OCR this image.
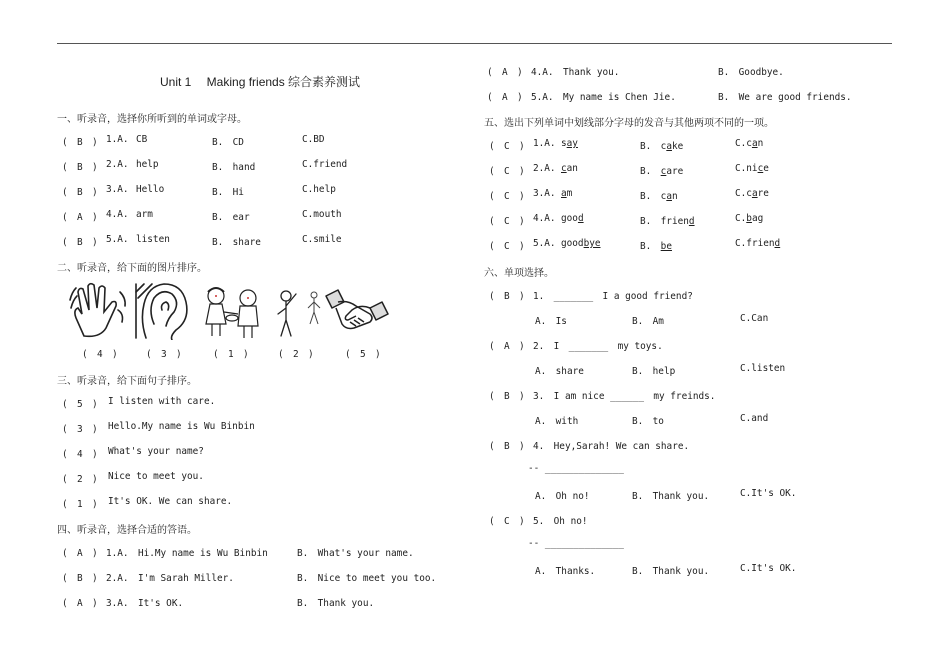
Unit 1　 Making friends 综合素养测试
一、听录音，选择你所听到的单词或字母。
(　B　) 1.A. CB	B.　CD	C.BD
(　B　) 2.A. help	B.　hand	C.friend
(　B　) 3.A. Hello	B.　Hi	C.help
(　A　) 4.A. arm	B.　ear	C.mouth
(　B　) 5.A. listen	B.　share	C.smile
二、听录音，给下面的图片排序。
(　4　)	(　3　)	(　1　)	(　2　)	(　5　)
三、听录音，给下面句子排序。
(　5　) I listen with care.
(　3　) Hello.My name is Wu Binbin
(　4　) What's your name?
(　2　) Nice to meet you.
(　1　) It's OK. We can share.
四、听录音，选择合适的答语。
(　A　) 1.A.　Hi.My name is Wu Binbin	B.　What's your name.
(　B　) 2.A.　I'm Sarah Miller.	B.　Nice to meet you too.
(　A　) 3.A.　It's OK.	B.　Thank you.
(　A　) 4.A.　Thank you.	B.　Goodbye.
(　A　) 5.A.　My name is Chen Jie.	B.　We are good friends.
五、选出下列单词中划线部分字母的发音与其他两项不同的一项。
(　C　) 1.A. say	B.　cake	C.can
(　C　) 2.A. can	B.　care	C.nice
(　C　) 3.A. am	B.　can	C.care
(　C　) 4.A. good	B.　friend	C.bag
(　C　) 5.A. goodbye	B.　be	C.friend
六、单项选择。
(　B　) 1.　_______　I a good friend?
A.　Is	B.　Am	C.Can
(　A　) 2.　I　_______　my toys.
A.　share	B.　help	C.listen
(　B　) 3.　I am nice ______　my freinds.
A.　with	B.　to	C.and
(　B　) 4.　Hey,Sarah! We can share.
-- ______________
A.　Oh no!	B.　Thank you.	C.It's OK.
(　C　) 5.　Oh no!
-- ______________
A.　Thanks.	B.　Thank you.	C.It's OK.
